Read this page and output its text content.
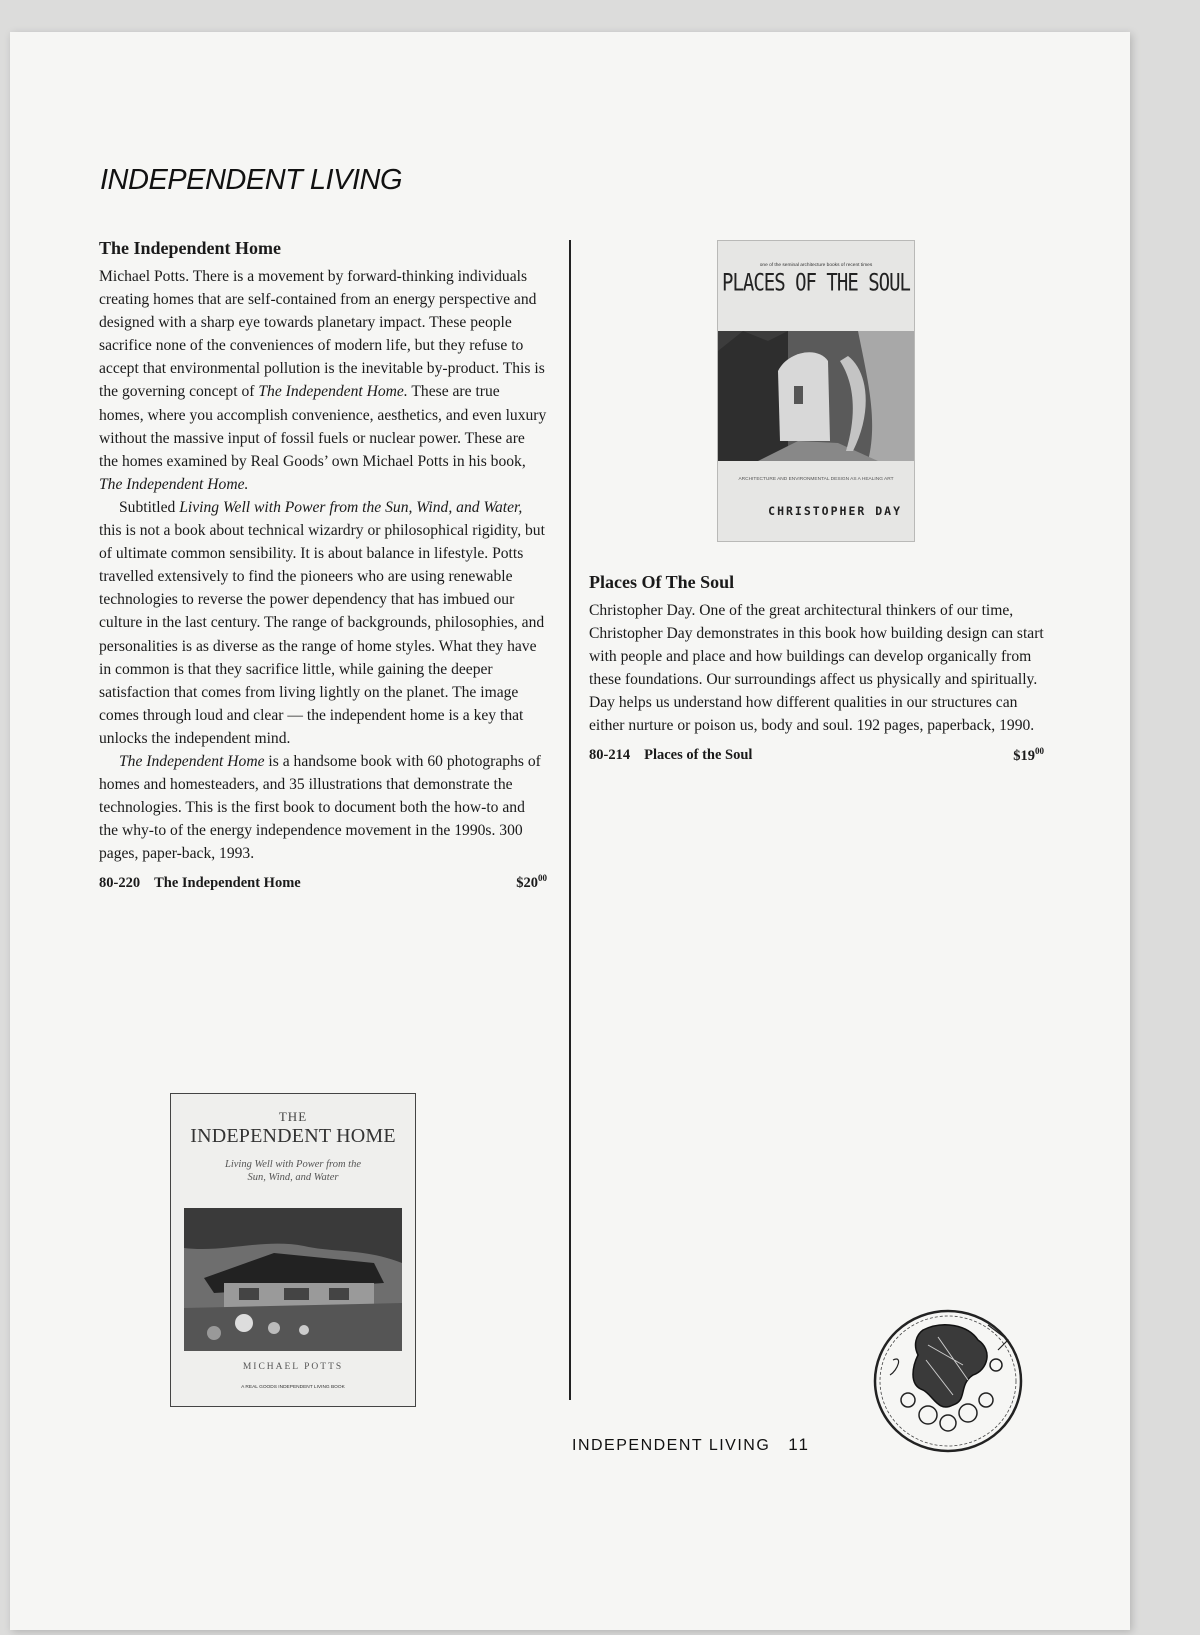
INDEPENDENT LIVING
The Independent Home

Michael Potts. There is a movement by forward-thinking individuals creating homes that are self-contained from an energy perspective and designed with a sharp eye towards planetary impact. These people sacrifice none of the conveniences of modern life, but they refuse to accept that environmental pollution is the inevitable by-product. This is the governing concept of The Independent Home. These are true homes, where you accomplish convenience, aesthetics, and even luxury without the massive input of fossil fuels or nuclear power. These are the homes examined by Real Goods’ own Michael Potts in his book, The Independent Home.

Subtitled Living Well with Power from the Sun, Wind, and Water, this is not a book about technical wizardry or philosophical rigidity, but of ultimate common sensibility. It is about balance in lifestyle. Potts travelled extensively to find the pioneers who are using renewable technologies to reverse the power dependency that has imbued our culture in the last century. The range of backgrounds, philosophies, and personalities is as diverse as the range of home styles. What they have in common is that they sacrifice little, while gaining the deeper satisfaction that comes from living lightly on the planet. The image comes through loud and clear — the independent home is a key that unlocks the independent mind.

The Independent Home is a handsome book with 60 photographs of homes and homesteaders, and 35 illustrations that demonstrate the technologies. This is the first book to document both the how-to and the why-to of the energy independence movement in the 1990s. 300 pages, paper-back, 1993.

80-220 The Independent Home	$\$20^{00}$
Places Of The Soul

Christopher Day. One of the great architectural thinkers of our time, Christopher Day demonstrates in this book how building design can start with people and place and how buildings can develop organically from these foundations. Our surroundings affect us physically and spiritually. Day helps us understand how different qualities in our structures can either nurture or poison us, body and soul. 192 pages, paperback, 1990.

80-214 Places of the Soul	$\$19^{00}$
one of the seminal architecture books of recent times
PLACES OF THE SOUL
ARCHITECTURE AND ENVIRONMENTAL DESIGN AS A HEALING ART
CHRISTOPHER DAY
THE
INDEPENDENT HOME
Living Well with Power from the
Sun, Wind, and Water
MICHAEL POTTS
A REAL GOODS INDEPENDENT LIVING BOOK
INDEPENDENT LIVING 11
